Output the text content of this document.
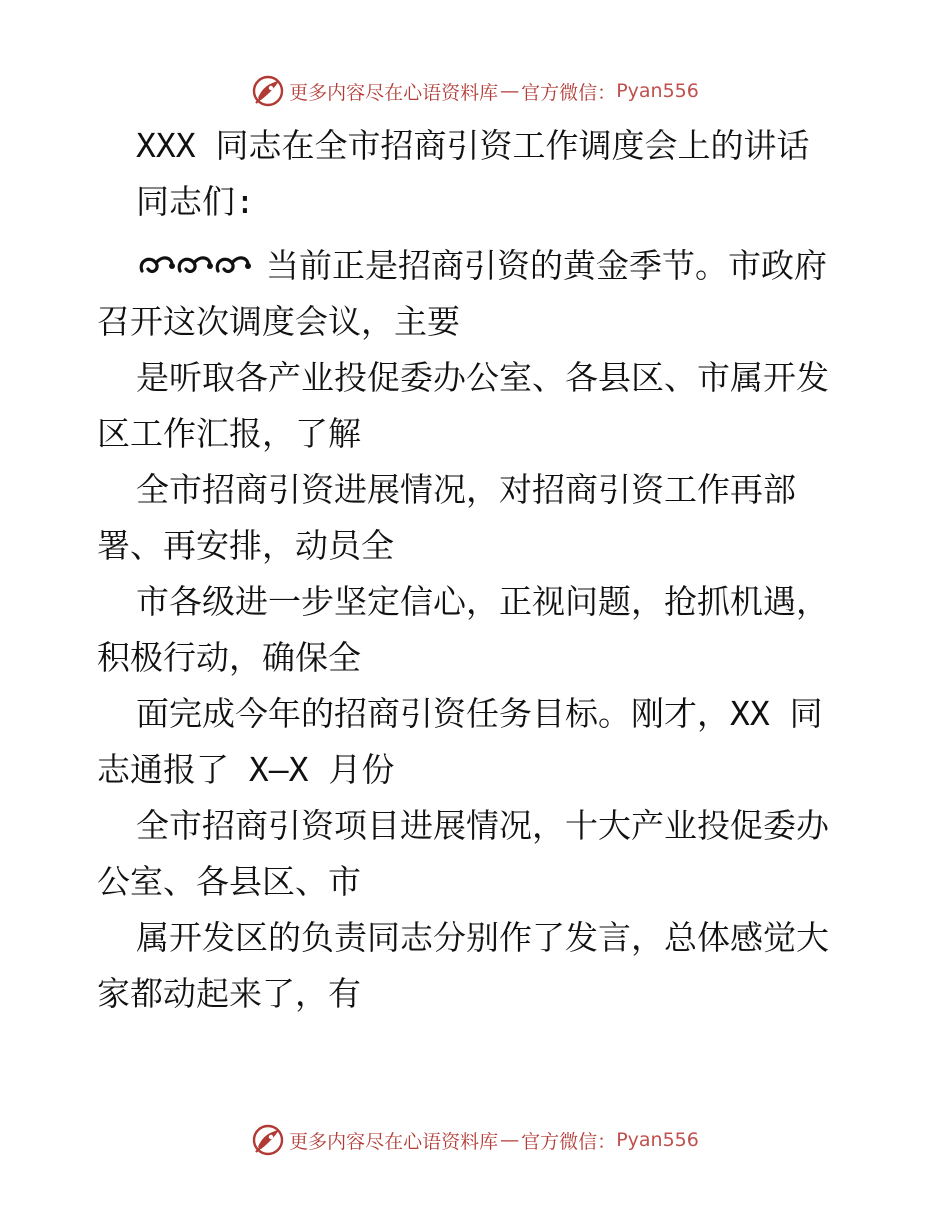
更多内容尽在心语资料库 — 官方微信： Pyan556
XXX 同志在全市招商引资工作调度会上的讲话
同志们:
当前正是招商引资的黄金季节。市政府
召开这次调度会议，主要
是听取各产业投促委办公室、各县区、市属开发
区工作汇报，了解
全市招商引资进展情况，对招商引资工作再部
署、再安排，动员全
市各级进一步坚定信心，正视问题，抢抓机遇，
积极行动，确保全
面完成今年的招商引资任务目标。刚才，XX 同
志通报了 X—X 月份
全市招商引资项目进展情况，十大产业投促委办
公室、各县区、市
属开发区的负责同志分别作了发言，总体感觉大
家都动起来了，有
更多内容尽在心语资料库 — 官方微信： Pyan556
